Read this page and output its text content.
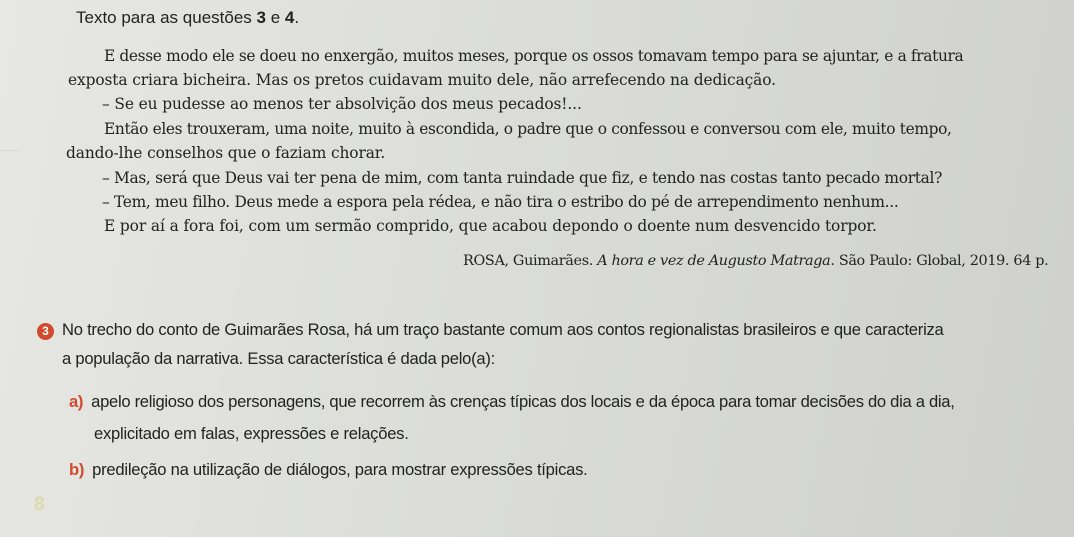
Texto para as questões 3 e 4.
E desse modo ele se doeu no enxergão, muitos meses, porque os ossos tomavam tempo para se ajuntar, e a fratura
exposta criara bicheira. Mas os pretos cuidavam muito dele, não arrefecendo na dedicação.
– Se eu pudesse ao menos ter absolvição dos meus pecados!...
Então eles trouxeram, uma noite, muito à escondida, o padre que o confessou e conversou com ele, muito tempo,
dando-lhe conselhos que o faziam chorar.
– Mas, será que Deus vai ter pena de mim, com tanta ruindade que fiz, e tendo nas costas tanto pecado mortal?
– Tem, meu filho. Deus mede a espora pela rédea, e não tira o estribo do pé de arrependimento nenhum...
E por aí a fora foi, com um sermão comprido, que acabou depondo o doente num desvencido torpor.
ROSA, Guimarães. A hora e vez de Augusto Matraga. São Paulo: Global, 2019. 64 p.
3 No trecho do conto de Guimarães Rosa, há um traço bastante comum aos contos regionalistas brasileiros e que caracteriza
a população da narrativa. Essa característica é dada pelo(a):
a) apelo religioso dos personagens, que recorrem às crenças típicas dos locais e da época para tomar decisões do dia a dia,
explicitado em falas, expressões e relações.
b) predileção na utilização de diálogos, para mostrar expressões típicas.
8
